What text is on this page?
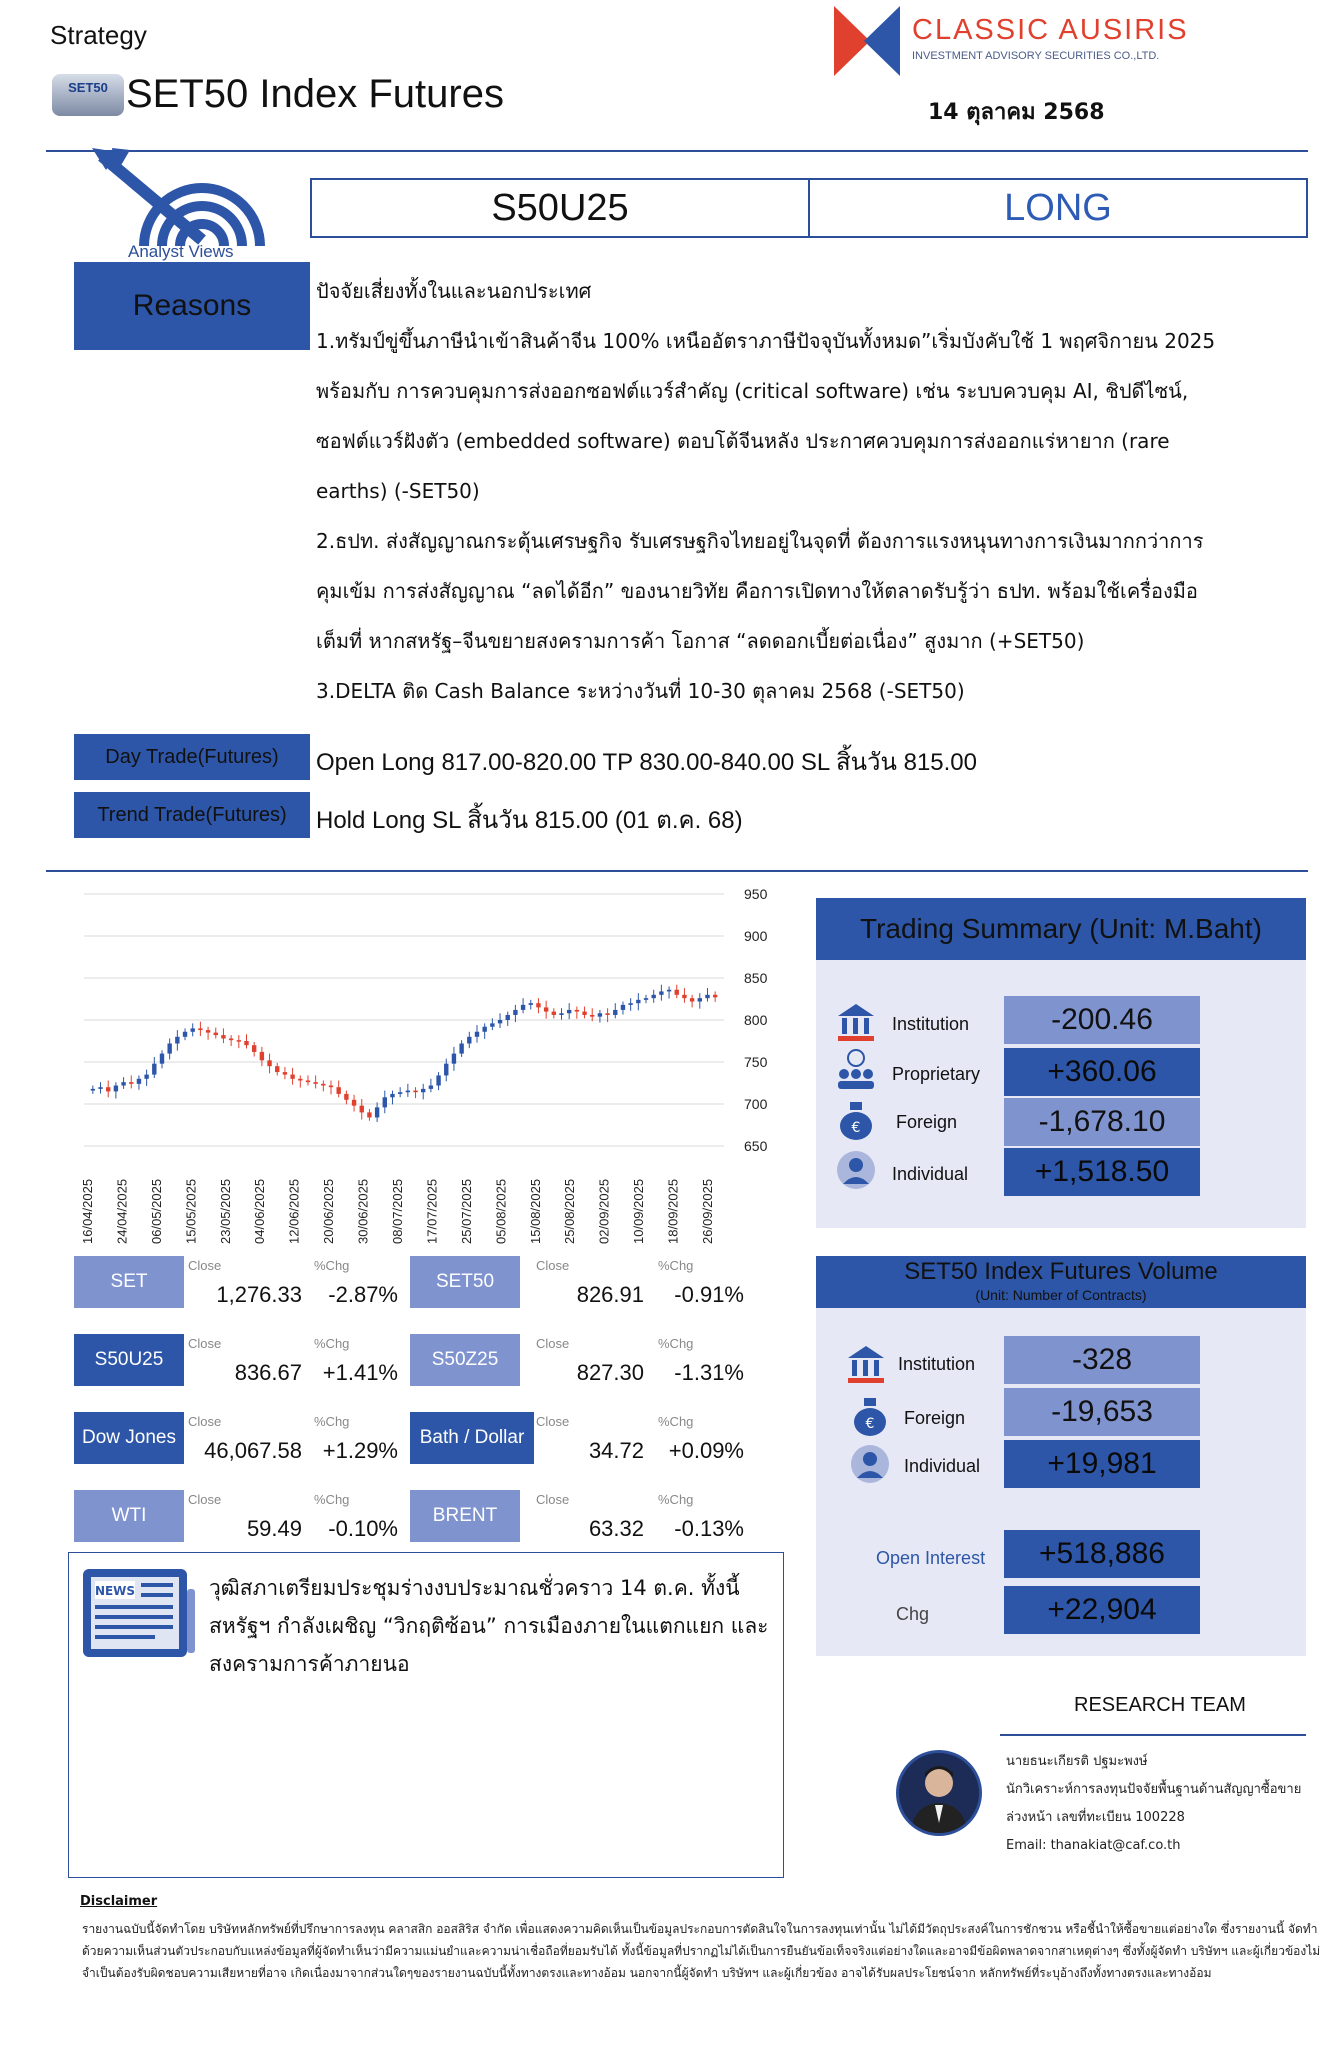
Strategy
SET50 SET50 Index Futures
CLASSIC AUSIRIS
INVESTMENT ADVISORY SECURITIES CO.,LTD.
14 ตุลาคม 2568
Analyst Views
S50U25	LONG
Reasons	ปัจจัยเสี่ยงทั้งในและนอกประเทศ
1.ทรัมป์ขู่ขึ้นภาษีนำเข้าสินค้าจีน 100% เหนืออัตราภาษีปัจจุบันทั้งหมด”เริ่มบังคับใช้ 1 พฤศจิกายน 2025
พร้อมกับ การควบคุมการส่งออกซอฟต์แวร์สำคัญ (critical software) เช่น ระบบควบคุม AI, ชิปดีไซน์,
ซอฟต์แวร์ฝังตัว (embedded software) ตอบโต้จีนหลัง ประกาศควบคุมการส่งออกแร่หายาก (rare
earths) (-SET50)
2.ธปท. ส่งสัญญาณกระตุ้นเศรษฐกิจ รับเศรษฐกิจไทยอยู่ในจุดที่ ต้องการแรงหนุนทางการเงินมากกว่าการ
คุมเข้ม การส่งสัญญาณ “ลดได้อีก” ของนายวิทัย คือการเปิดทางให้ตลาดรับรู้ว่า ธปท. พร้อมใช้เครื่องมือ
เต็มที่ หากสหรัฐ–จีนขยายสงครามการค้า โอกาส “ลดดอกเบี้ยต่อเนื่อง” สูงมาก (+SET50)
3.DELTA ติด Cash Balance ระหว่างวันที่ 10-30 ตุลาคม 2568 (-SET50)
Day Trade(Futures)	Open Long 817.00-820.00 TP 830.00-840.00 SL สิ้นวัน 815.00
Trend Trade(Futures)	Hold Long SL สิ้นวัน 815.00 (01 ต.ค. 68)
950
900
850
800
750
700
650
16/04/2025 24/04/2025 06/05/2025 15/05/2025 23/05/2025 04/06/2025 12/06/2025 20/06/2025 30/06/2025 08/07/2025 17/07/2025 25/07/2025 05/08/2025 15/08/2025 25/08/2025 02/09/2025 10/09/2025 18/09/2025 26/09/2025
Trading Summary (Unit: M.Baht)
Institution	-200.46
Proprietary	+360.06
€ Foreign	-1,678.10
Individual	+1,518.50
SET50 Index Futures Volume
(Unit: Number of Contracts)
Institution	-328
€ Foreign	-19,653
Individual	+19,981
Open Interest	+518,886
Chg	+22,904
SET
Close	%Chg
1,276.33	-2.87%
SET50
Close	%Chg
826.91	-0.91%
S50U25
Close	%Chg
836.67 +1.41%
S50Z25
Close	%Chg
827.30	-1.31%
Dow Jones
Close	%Chg
46,067.58 +1.29%
Bath / Dollar
Close	%Chg
34.72	+0.09%
WTI
Close	%Chg
59.49	-0.10%
BRENT
Close	%Chg
63.32	-0.13%
NEWS	วุฒิสภาเตรียมประชุมร่างงบประมาณชั่วคราว 14 ต.ค. ทั้งนี้
สหรัฐฯ กำลังเผชิญ “วิกฤติซ้อน” การเมืองภายในแตกแยก และ
สงครามการค้าภายนอ
RESEARCH TEAM
นายธนะเกียรติ ปฐมะพงษ์
นักวิเคราะห์การลงทุนปัจจัยพื้นฐานด้านสัญญาซื้อขาย
ล่วงหน้า เลขที่ทะเบียน 100228
Email: thanakiat@caf.co.th
Disclaimer
รายงานฉบับนี้จัดทำโดย บริษัทหลักทรัพย์ที่ปรึกษาการลงทุน คลาสสิก ออสสิริส จำกัด เพื่อแสดงความคิดเห็นเป็นข้อมูลประกอบการตัดสินใจในการลงทุนเท่านั้น ไม่ได้มีวัตถุประสงค์ในการชักชวน หรือชี้นำให้ซื้อขายแต่อย่างใด ซึ่งรายงานนี้ จัดทำด้วยความเห็นส่วนตัวประกอบกับแหล่งข้อมูลที่ผู้จัดทำเห็นว่ามีความแม่นยำและความน่าเชื่อถือที่ยอมรับได้ ทั้งนี้ข้อมูลที่ปรากฏไม่ได้เป็นการยืนยันข้อเท็จจริงแต่อย่างใดและอาจมีข้อผิดพลาดจากสาเหตุต่างๆ ซึ่งทั้งผู้จัดทำ บริษัทฯ และผู้เกี่ยวข้องไม่จำเป็นต้องรับผิดชอบความเสียหายที่อาจ เกิดเนื่องมาจากส่วนใดๆของรายงานฉบับนี้ทั้งทางตรงและทางอ้อม นอกจากนี้ผู้จัดทำ บริษัทฯ และผู้เกี่ยวข้อง อาจได้รับผลประโยชน์จาก หลักทรัพย์ที่ระบุอ้างถึงทั้งทางตรงและทางอ้อม
